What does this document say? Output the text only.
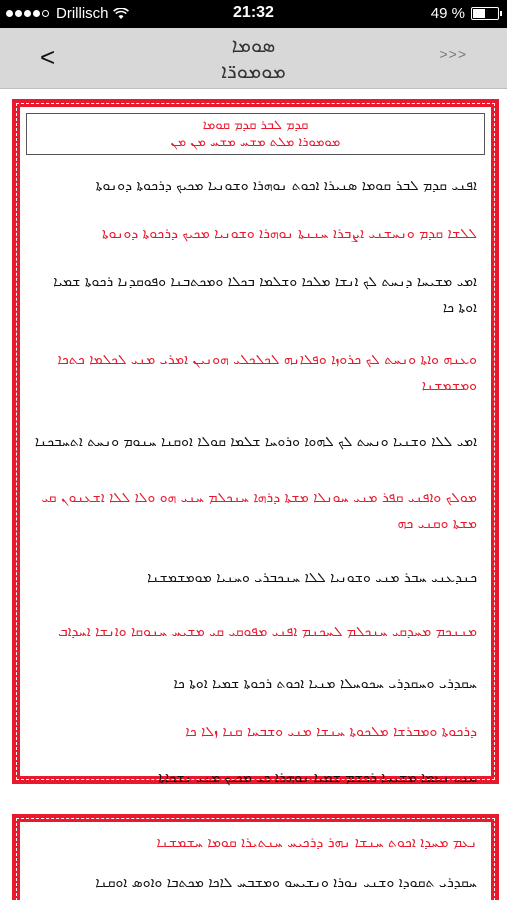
Drillisch	21:32	49 %
<	ܣܘܡܐ
ܡܘܡܘܪ̈ܐ
>>>
ܩܕܡ ܠܒܪ ܩܕܡ ܩܘܡܐ
ܡܘܡܘܪܐ ܡܠܬ ܡܫܚ ܡܫܚ ܡܢ ܡܢ
ܐܦܢܝ ܩܕܡ ܠܒܪ ܩܘܡܐ ܣܢܝܪܐ ܐܟܘܬ ܢܘܗܪܐ ܘܫܘܢܝܐ ܡܟܝܟ ܕܪܟܘܬܐ ܕܘܢܘܬܐ
ܠܠܫܐ ܩܕܡ ܘܢܚܫܢܝ ܐܨܒܪܐ ܚܢܢܬܐ ܢܘܗܪܐ ܘܫܘܢܝܐ ܡܟܝܟ ܕܪܟܘܬܐ ܕܘܢܘܬܐ
ܐܡܝ ܡܫܝܚܐ ܕܢܚܬ ܠܟ ܐܢܫܐ ܡܠܟܐ ܘܫܠܡܐ ܒܟܠܐ ܘܡܟܬܒܢܐ ܘܦܘܩܕܢܐ ܪܟܘܬܐ ܫܡܝܐ ܐܘܬܐ ܟܐ
ܘܥܢܗ ܘܐܬܐ ܘܢܚܬ ܠܟ ܟܪܘܙܐ ܘܦܠܐܢܗ ܠܟܠܟܠܝ ܗܘܢܝܢ ܐܡܪܝ ܡܢܝ ܠܟܠܡܐ ܟܬܟܐ ܘܡܫܡܫܢܐ
ܐܡܝ ܠܠܐ ܘܫܢܝܐ ܘܢܚܬ ܠܟ ܠܗܘܐ ܘܪܘܚܐ ܫܠܡܐ ܩܘܠܐ ܐܘܩܢܐ ܚܢܘܡ ܘܢܚܬ ܐܬܚܒܟܢܐ
ܡܘܠܟ ܘܐܦܢܝ ܩܦܪ ܡܢܝ ܚܘܢܠܐ ܡܫܬܐ ܕܪܗܐ ܚܢܟܠܡ ܚܢܝ ܗܘ ܘܠܐ ܠܠܐ ܐܫܥܢܘܢ ܩܝ ܡܫܬܐ ܘܩܢܝ ܟܗ
ܟܢܕܥܢܝ ܚܒܪ ܡܢܝ ܘܫܘܢܝܐ ܠܠܐ ܚܢܟܒܪܝ ܘܚܢܝܐ ܡܘܡܫܡܫܢܐ
ܡܢܢܟܡ ܡܚܕܩܝ ܚܢܟܠܡ ܠܚܟܢܡ ܐܦܢܝ ܡܦܘܩܝ ܩܝ ܡܫܝܚ ܚܢܘܩܐ ܘܐܢܫܐ ܐܚܕܐܒ
ܚܩܕܪܝ ܘܚܩܕܪܝ ܚܟܘܚܠܐ ܡܢܝܐ ܐܟܘܬ ܪܟܘܬܐ ܫܡܝܐ ܐܘܬܐ ܟܐ
ܕܪܟܘܬܐ ܘܡܒܪܫܐ ܡܠܟܘܬܐ ܚܢܫܐ ܡܢܝ ܘܫܒܚܐ ܩܢܐ ܙܠܐ ܟܐ
ܚܢܝ ܢܥܡܐ ܡܫܝܚܐ ܪܟܫܡ ܫܡܝܐ ܢܘܗܪܐ ܟܝ ܡܟܝܟ ܡܢܝ ܢܫܟܐܬܐ
ܢܥܡ ܡܚܕܐ ܐܟܘܬ ܚܢܫܐ ܢܗܪ ܕܪܟܝܚ ܚܢܬܝܪܐ ܩܘܡܐ ܚܫܡܫܢܐ
ܚܩܕܪܝ ܬܩܘܕܐ ܘܫܢܝ ܢܘܪܐ ܘܢܫܝܚܘ ܘܡܫܒܚ ܠܐܟܐ ܡܟܬܒܐ ܘܐܘܣ ܐܘܩܢܐ
